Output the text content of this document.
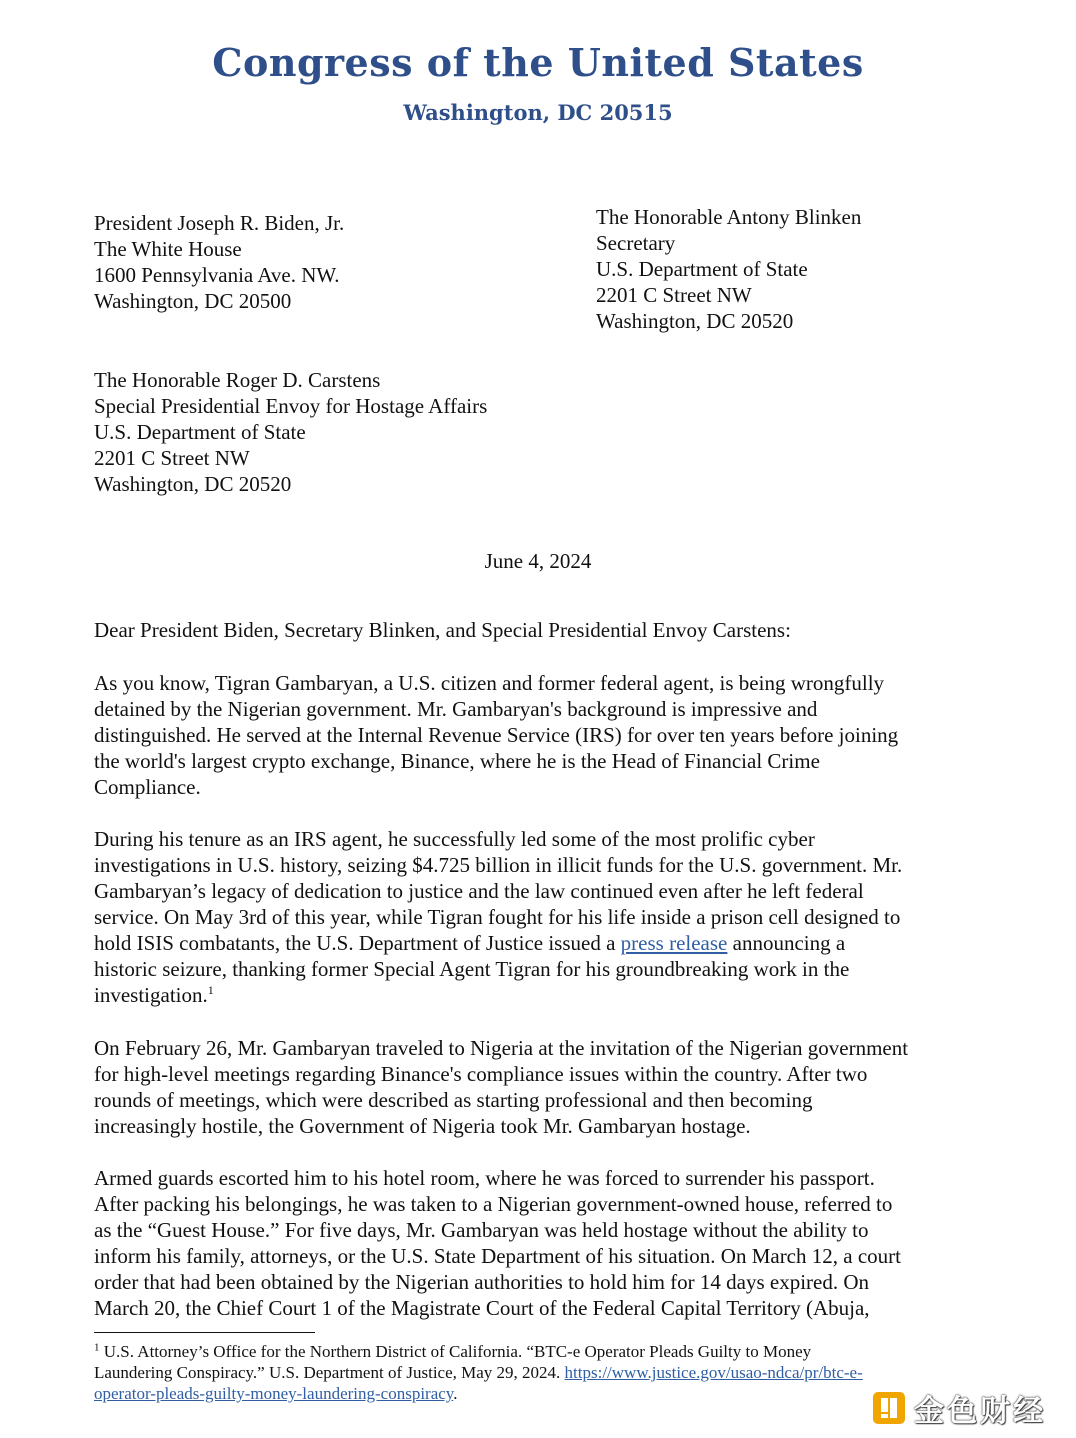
Congress of the United States
Washington, DC 20515
President Joseph R. Biden, Jr.
The White House
1600 Pennsylvania Ave. NW.
Washington, DC 20500
The Honorable Antony Blinken
Secretary
U.S. Department of State
2201 C Street NW
Washington, DC 20520
The Honorable Roger D. Carstens
Special Presidential Envoy for Hostage Affairs
U.S. Department of State
2201 C Street NW
Washington, DC 20520
June 4, 2024
Dear President Biden, Secretary Blinken, and Special Presidential Envoy Carstens:
As you know, Tigran Gambaryan, a U.S. citizen and former federal agent, is being wrongfully
detained by the Nigerian government. Mr. Gambaryan's background is impressive and
distinguished. He served at the Internal Revenue Service (IRS) for over ten years before joining
the world's largest crypto exchange, Binance, where he is the Head of Financial Crime
Compliance.
During his tenure as an IRS agent, he successfully led some of the most prolific cyber
investigations in U.S. history, seizing $4.725 billion in illicit funds for the U.S. government. Mr.
Gambaryan’s legacy of dedication to justice and the law continued even after he left federal
service. On May 3rd of this year, while Tigran fought for his life inside a prison cell designed to
hold ISIS combatants, the U.S. Department of Justice issued a press release announcing a
historic seizure, thanking former Special Agent Tigran for his groundbreaking work in the
investigation.$^1$
On February 26, Mr. Gambaryan traveled to Nigeria at the invitation of the Nigerian government
for high-level meetings regarding Binance's compliance issues within the country. After two
rounds of meetings, which were described as starting professional and then becoming
increasingly hostile, the Government of Nigeria took Mr. Gambaryan hostage.
Armed guards escorted him to his hotel room, where he was forced to surrender his passport.
After packing his belongings, he was taken to a Nigerian government-owned house, referred to
as the “Guest House.” For five days, Mr. Gambaryan was held hostage without the ability to
inform his family, attorneys, or the U.S. State Department of his situation. On March 12, a court
order that had been obtained by the Nigerian authorities to hold him for 14 days expired. On
March 20, the Chief Court 1 of the Magistrate Court of the Federal Capital Territory (Abuja,
$^1$ U.S. Attorney’s Office for the Northern District of California. “BTC-e Operator Pleads Guilty to Money
Laundering Conspiracy.” U.S. Department of Justice, May 29, 2024. https://www.justice.gov/usao-ndca/pr/btc-e-
operator-pleads-guilty-money-laundering-conspiracy.
金色财经
